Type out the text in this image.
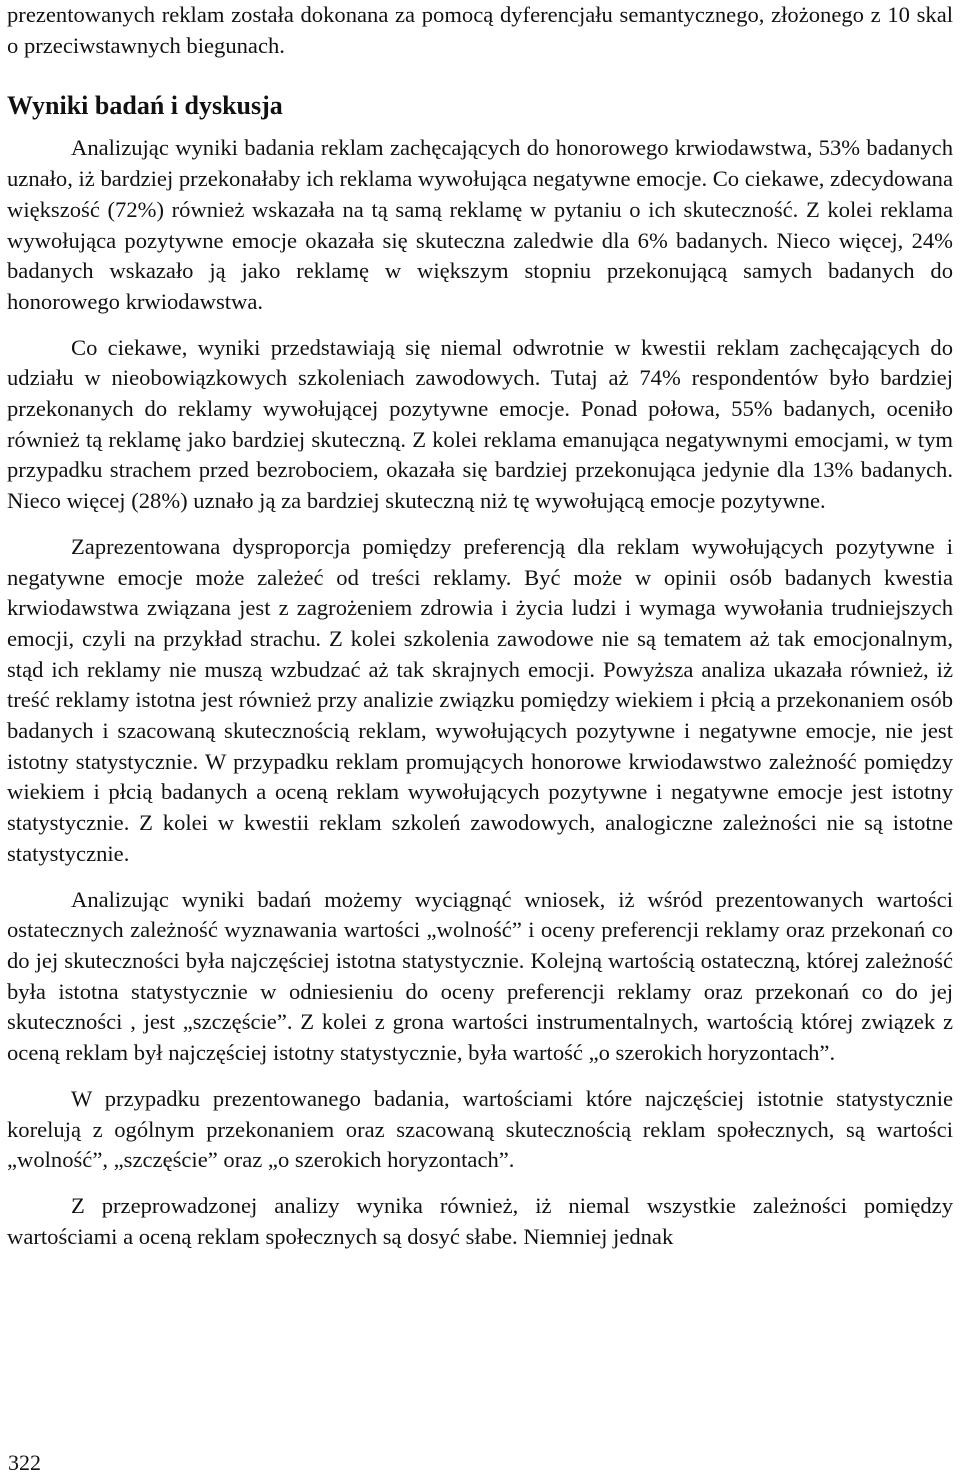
prezentowanych reklam została dokonana za pomocą dyferencjału semantycznego, złożonego z 10 skal o przeciwstawnych biegunach.

Wyniki badań i dyskusja

Analizując wyniki badania reklam zachęcających do honorowego krwiodawstwa, 53% badanych uznało, iż bardziej przekonałaby ich reklama wywołująca negatywne emocje. Co ciekawe, zdecydowana większość (72%) również wskazała na tą samą reklamę w pytaniu o ich skuteczność. Z kolei reklama wywołująca pozytywne emocje okazała się skuteczna zaledwie dla 6% badanych. Nieco więcej, 24% badanych wskazało ją jako reklamę w większym stopniu przekonującą samych badanych do honorowego krwiodawstwa.

Co ciekawe, wyniki przedstawiają się niemal odwrotnie w kwestii reklam zachęcających do udziału w nieobowiązkowych szkoleniach zawodowych. Tutaj aż 74% respondentów było bardziej przekonanych do reklamy wywołującej pozytywne emocje. Ponad połowa, 55% badanych, oceniło również tą reklamę jako bardziej skuteczną. Z kolei reklama emanująca negatywnymi emocjami, w tym przypadku strachem przed bezrobociem, okazała się bardziej przekonująca jedynie dla 13% badanych. Nieco więcej (28%) uznało ją za bardziej skuteczną niż tę wywołującą emocje pozytywne.

Zaprezentowana dysproporcja pomiędzy preferencją dla reklam wywołujących pozytywne i negatywne emocje może zależeć od treści reklamy. Być może w opinii osób badanych kwestia krwiodawstwa związana jest z zagrożeniem zdrowia i życia ludzi i wymaga wywołania trudniejszych emocji, czyli na przykład strachu. Z kolei szkolenia zawodowe nie są tematem aż tak emocjonalnym, stąd ich reklamy nie muszą wzbudzać aż tak skrajnych emocji. Powyższa analiza ukazała również, iż treść reklamy istotna jest również przy analizie związku pomiędzy wiekiem i płcią a przekonaniem osób badanych i szacowaną skutecznością reklam, wywołujących pozytywne i negatywne emocje, nie jest istotny statystycznie. W przypadku reklam promujących honorowe krwiodawstwo zależność pomiędzy wiekiem i płcią badanych a oceną reklam wywołujących pozytywne i negatywne emocje jest istotny statystycznie. Z kolei w kwestii reklam szkoleń zawodowych, analogiczne zależności nie są istotne statystycznie.

Analizując wyniki badań możemy wyciągnąć wniosek, iż wśród prezentowanych wartości ostatecznych zależność wyznawania wartości „wolność” i oceny preferencji reklamy oraz przekonań co do jej skuteczności była najczęściej istotna statystycznie. Kolejną wartością ostateczną, której zależność była istotna statystycznie w odniesieniu do oceny preferencji reklamy oraz przekonań co do jej skuteczności , jest „szczęście”. Z kolei z grona wartości instrumentalnych, wartością której związek z oceną reklam był najczęściej istotny statystycznie, była wartość „o szerokich horyzontach”.

W przypadku prezentowanego badania, wartościami które najczęściej istotnie statystycznie korelują z ogólnym przekonaniem oraz szacowaną skutecznością reklam społecznych, są wartości „wolność”, „szczęście” oraz „o szerokich horyzontach”.

Z przeprowadzonej analizy wynika również, iż niemal wszystkie zależności pomiędzy wartościami a oceną reklam społecznych są dosyć słabe. Niemniej jednak

322
